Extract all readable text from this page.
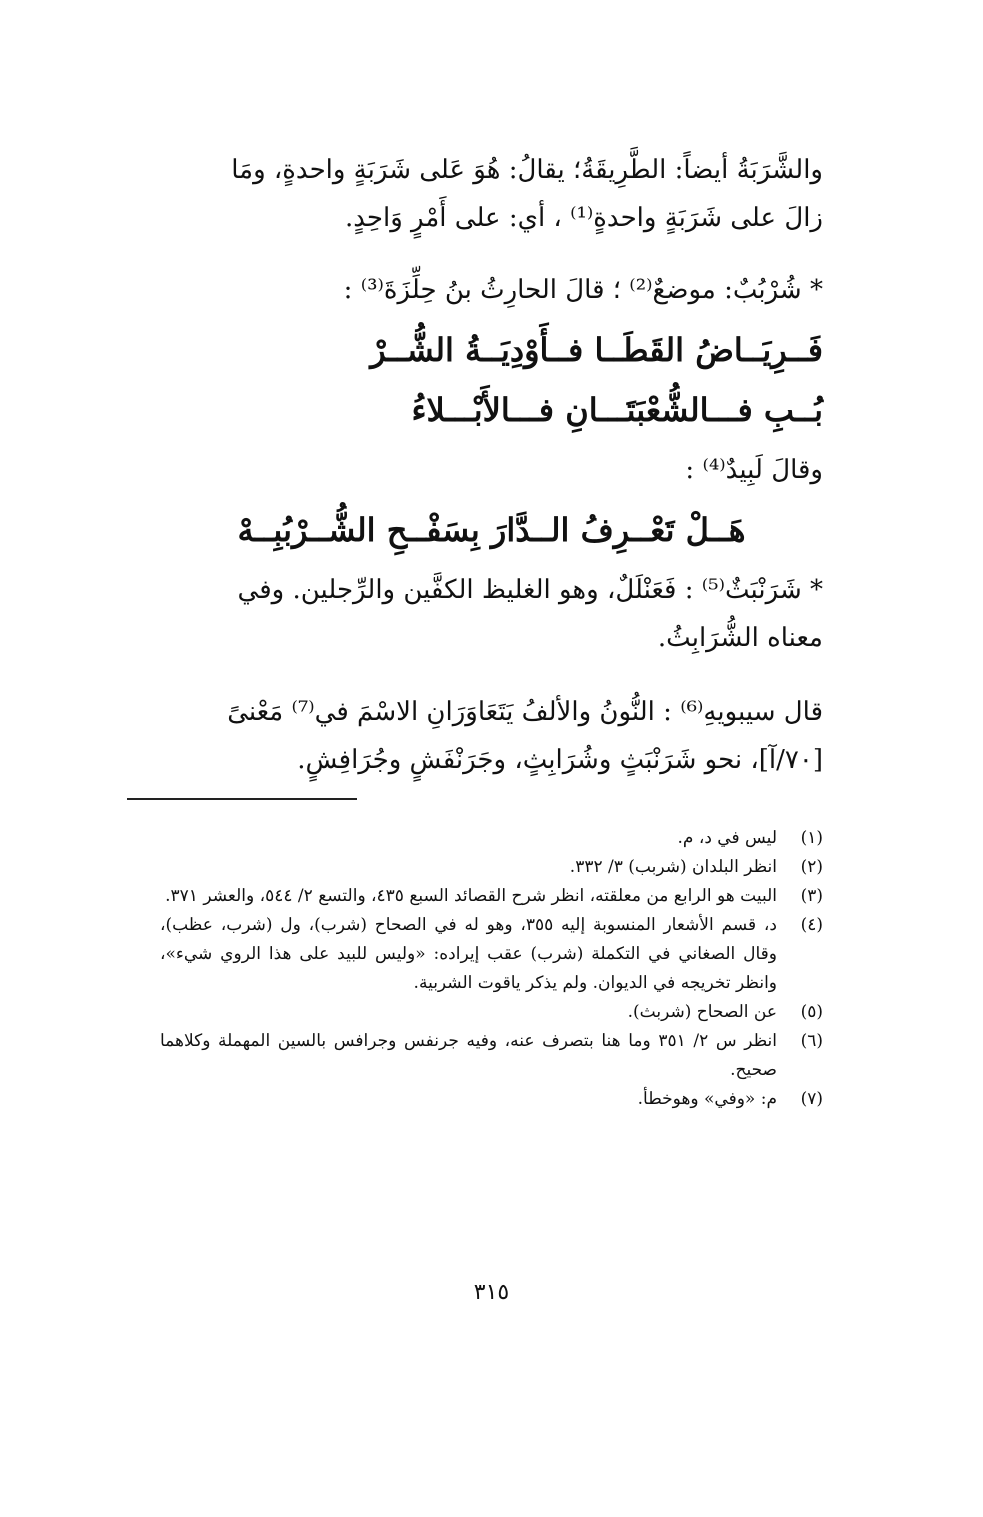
والشَّرَبَةُ أيضاً: الطَّرِيقَةُ؛ يقالُ: هُوَ عَلى شَرَبَةٍ واحدةٍ، ومَا
زالَ على شَرَبَةٍ واحدةٍ⁽¹⁾ ، أي: على أَمْرٍ وَاحِدٍ.
* شُرْبُبٌ: موضعٌ⁽²⁾ ؛ قالَ الحارِثُ بنُ حِلِّزَةَ⁽³⁾ :
فَــرِيَــاضُ القَطَــا فــأَوْدِيَــةُ الشُّــرْ
بُــبِ فـــالشُّعْبَتَـــانِ فـــالأَبْـــلاءُ
وقالَ لَبِيدٌ⁽⁴⁾ :
هَــلْ تَعْــرِفُ الــدَّارَ بِسَفْــحِ الشُّــرْبُبِــهْ
* شَرَنْبَثٌ⁽⁵⁾ : فَعَنْلَلٌ، وهو الغليظ الكفَّين والرِّجلين. وفي
معناه الشُّرَابِثُ.
قال سيبويهِ⁽⁶⁾ : النُّونُ والألفُ يَتَعَاوَرَانِ الاسْمَ في⁽⁷⁾ مَعْنىً
[٧٠/آ]، نحو شَرَنْبَثٍ وشُرَابِثٍ، وجَرَنْفَشٍ وجُرَافِشٍ.
(١)
ليس في د، م.
(٢)
انظر البلدان (شربب) ٣/ ٣٣٢.
(٣)
البيت هو الرابع من معلقته، انظر شرح القصائد السبع ٤٣٥، والتسع ٢/ ٥٤٤، والعشر ٣٧١.
(٤)
د، قسم الأشعار المنسوبة إليه ٣٥٥، وهو له في الصحاح (شرب)، ول (شرب، عظب)، وقال الصغاني في التكملة (شرب) عقب إيراده: «وليس للبيد على هذا الروي شيء»، وانظر تخريجه في الديوان. ولم يذكر ياقوت الشربية.
(٥)
عن الصحاح (شربث).
(٦)
انظر س ٢/ ٣٥١ وما هنا بتصرف عنه، وفيه جرنفس وجرافس بالسين المهملة وكلاهما صحيح.
(٧)
م: «وفي» وهوخطأ.
٣١٥
